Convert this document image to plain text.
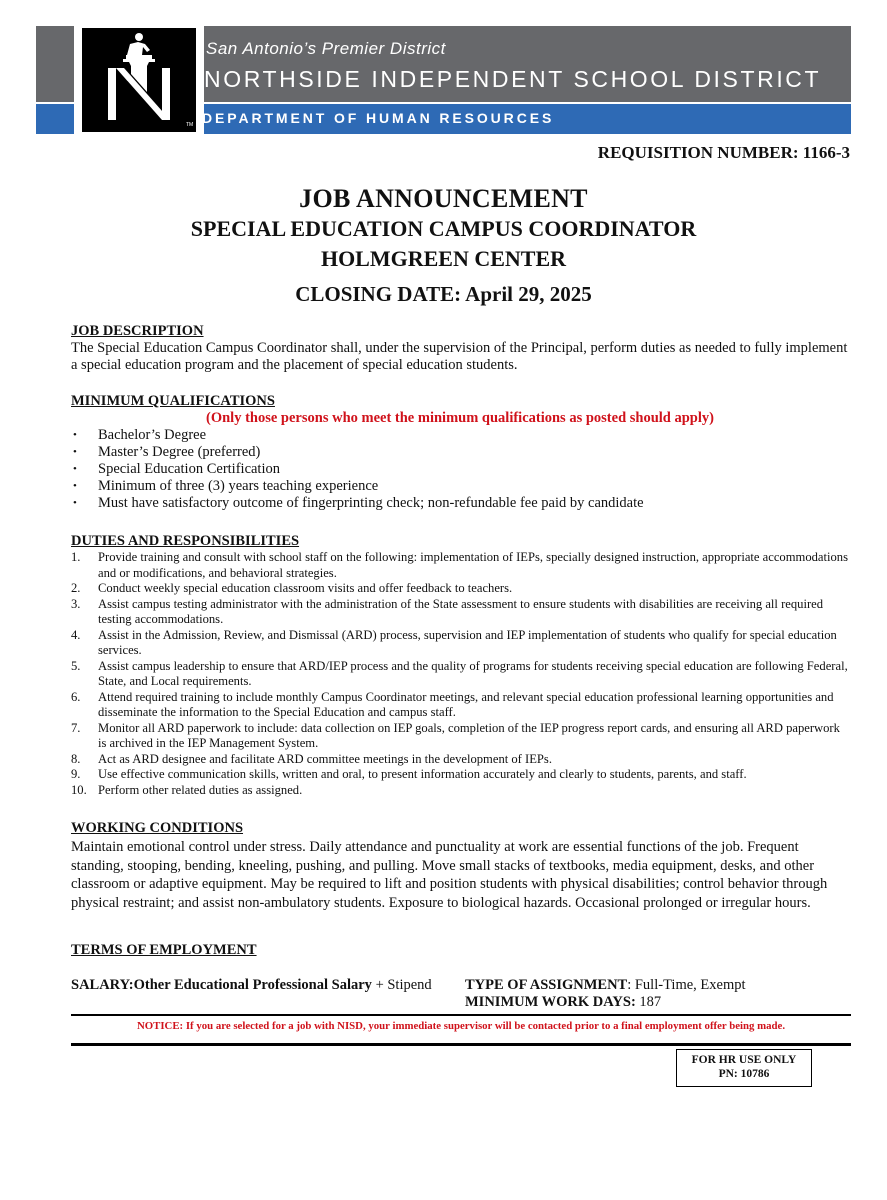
TM
San Antonio’s Premier District
NORTHSIDE INDEPENDENT SCHOOL DISTRICT
DEPARTMENT OF HUMAN RESOURCES
REQUISITION NUMBER: 1166-3
JOB ANNOUNCEMENT
SPECIAL EDUCATION CAMPUS COORDINATOR
HOLMGREEN CENTER
CLOSING DATE: April 29, 2025
JOB DESCRIPTION
The Special Education Campus Coordinator shall, under the supervision of the Principal, perform duties as needed to fully implement a special education program and the placement of special education students.
MINIMUM QUALIFICATIONS
(Only those persons who meet the minimum qualifications as posted should apply)
• Bachelor’s Degree
• Master’s Degree (preferred)
• Special Education Certification
• Minimum of three (3) years teaching experience
• Must have satisfactory outcome of fingerprinting check; non-refundable fee paid by candidate
DUTIES AND RESPONSIBILITIES
1. Provide training and consult with school staff on the following: implementation of IEPs, specially designed instruction, appropriate accommodations and or modifications, and behavioral strategies.
2. Conduct weekly special education classroom visits and offer feedback to teachers.
3. Assist campus testing administrator with the administration of the State assessment to ensure students with disabilities are receiving all required testing accommodations.
4. Assist in the Admission, Review, and Dismissal (ARD) process, supervision and IEP implementation of students who qualify for special education services.
5. Assist campus leadership to ensure that ARD/IEP process and the quality of programs for students receiving special education are following Federal, State, and Local requirements.
6. Attend required training to include monthly Campus Coordinator meetings, and relevant special education professional learning opportunities and disseminate the information to the Special Education and campus staff.
7. Monitor all ARD paperwork to include: data collection on IEP goals, completion of the IEP progress report cards, and ensuring all ARD paperwork is archived in the IEP Management System.
8. Act as ARD designee and facilitate ARD committee meetings in the development of IEPs.
9. Use effective communication skills, written and oral, to present information accurately and clearly to students, parents, and staff.
10. Perform other related duties as assigned.
WORKING CONDITIONS
Maintain emotional control under stress. Daily attendance and punctuality at work are essential functions of the job. Frequent standing, stooping, bending, kneeling, pushing, and pulling. Move small stacks of textbooks, media equipment, desks, and other classroom or adaptive equipment. May be required to lift and position students with physical disabilities; control behavior through physical restraint; and assist non-ambulatory students. Exposure to biological hazards. Occasional prolonged or irregular hours.
TERMS OF EMPLOYMENT
SALARY:Other Educational Professional Salary + Stipend TYPE OF ASSIGNMENT: Full-Time, Exempt
MINIMUM WORK DAYS: 187
NOTICE: If you are selected for a job with NISD, your immediate supervisor will be contacted prior to a final employment offer being made.
FOR HR USE ONLY
PN: 10786
